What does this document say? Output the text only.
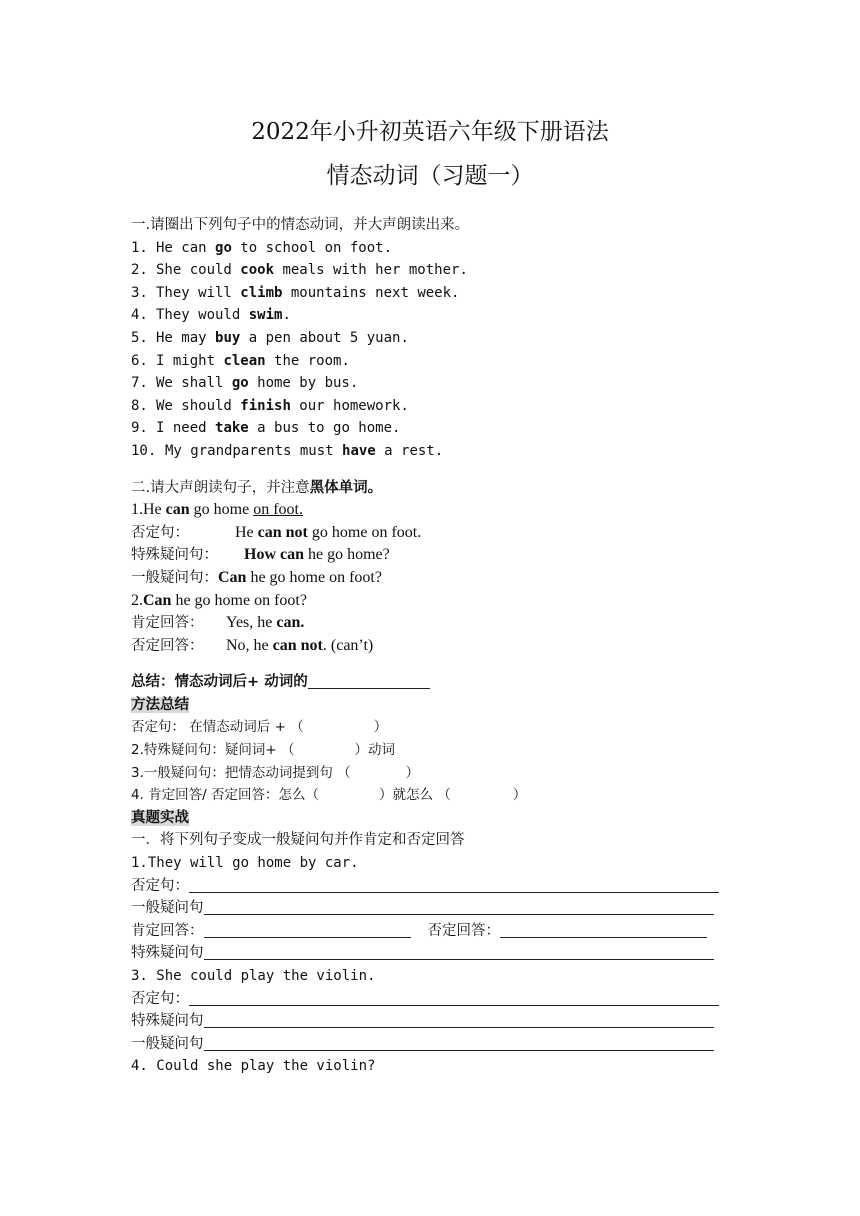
2022年小升初英语六年级下册语法
情态动词（习题一）
一.请圈出下列句子中的情态动词，并大声朗读出来。
1. He can go to school on foot.
2. She could cook meals with her mother.
3. They will climb mountains next week.
4. They would swim.
5. He may buy a pen about 5 yuan.
6. I might clean the room.
7. We shall go home by bus.
8. We should finish our homework.
9. I need take a bus to go home.
10. My grandparents must have a rest.
二.请大声朗读句子，并注意黑体单词。
1.He can go home on foot.
否定句：	He can not go home on foot.
特殊疑问句： How can he go home?
一般疑问句：Can he go home on foot?
2.Can he go home on foot?
肯定回答： Yes, he can.
否定回答： No, he can not. (can’t)
总结：情态动词后+ 动词的
方法总结
否定句： 在情态动词后 + （	）
2.特殊疑问句：疑问词+ （	）动词
3.一般疑问句：把情态动词提到句 （	）
4. 肯定回答/ 否定回答：怎么（	）就怎么 （	）
真题实战
一．将下列句子变成一般疑问句并作肯定和否定回答
1.They will go home by car.
否定句：
一般疑问句
肯定回答：	否定回答：
特殊疑问句
3. She could play the violin.
否定句：
特殊疑问句
一般疑问句
4. Could she play the violin?
